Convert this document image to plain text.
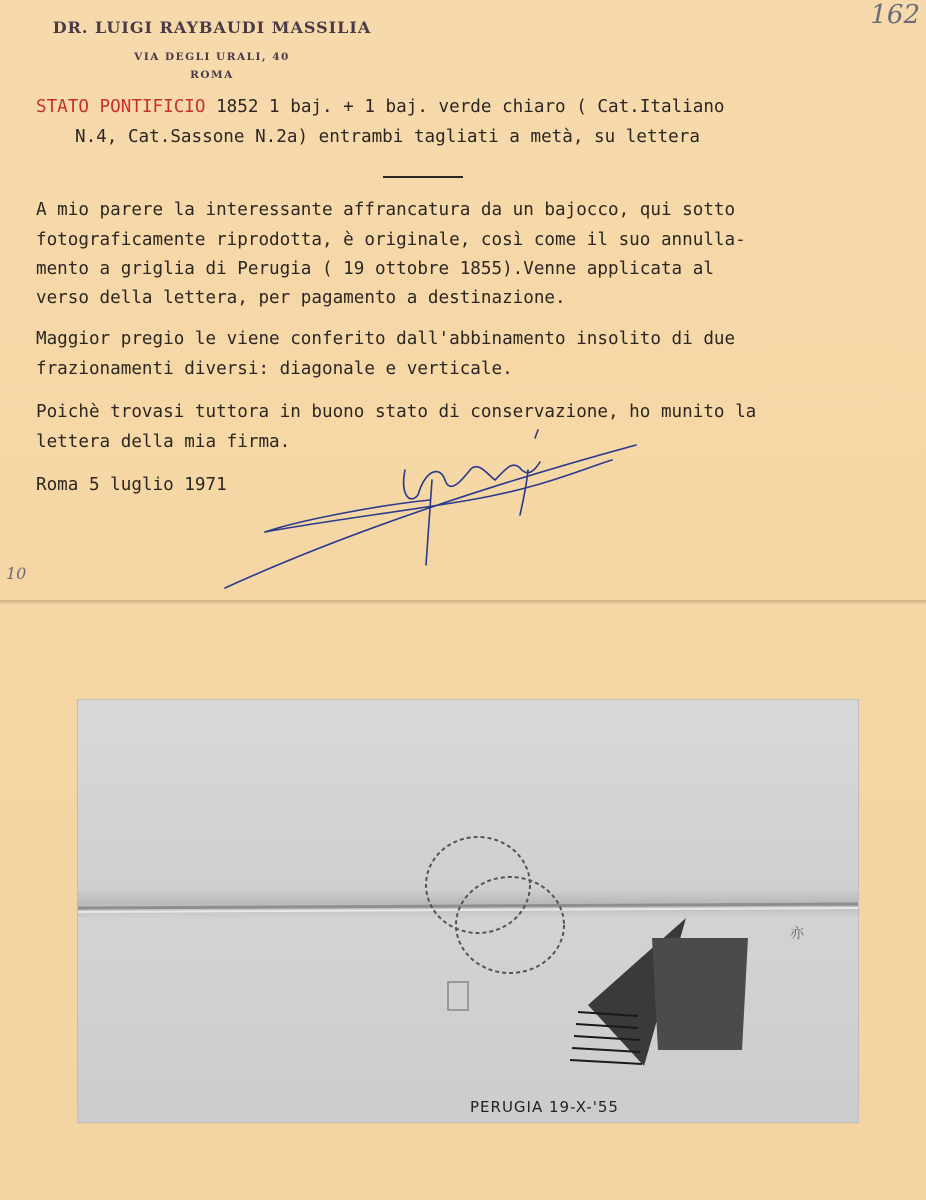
162
10
DR. LUIGI RAYBAUDI MASSILIA
VIA DEGLI URALI, 40
ROMA
STATO PONTIFICIO 1852 1 baj. + 1 baj. verde chiaro ( Cat.Italiano
N.4, Cat.Sassone N.2a) entrambi tagliati a metà, su lettera
A mio parere la interessante affrancatura da un bajocco, qui sotto
fotograficamente riprodotta, è originale, così come il suo annulla-
mento a griglia di Perugia ( 19 ottobre 1855).Venne applicata al
verso della lettera, per pagamento a destinazione.
Maggior pregio le viene conferito dall'abbinamento insolito di due
frazionamenti diversi: diagonale e verticale.
Poichè trovasi tuttora in buono stato di conservazione, ho munito la
lettera della mia firma.
Roma 5 luglio 1971
亦
PERUGIA 19-X-'55
